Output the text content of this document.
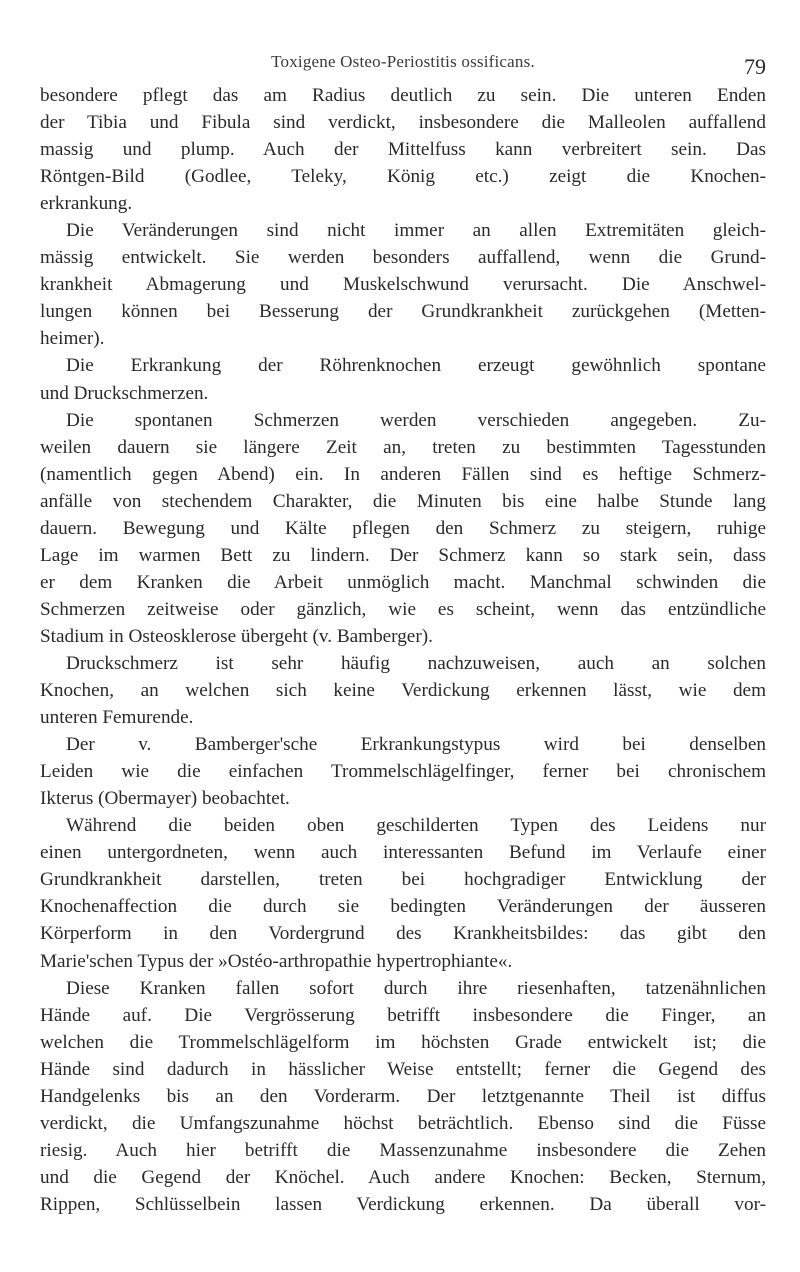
Toxigene Osteo-Periostitis ossificans.	79
besondere pflegt das am Radius deutlich zu sein. Die unteren Enden
der Tibia und Fibula sind verdickt, insbesondere die Malleolen auffallend
massig und plump. Auch der Mittelfuss kann verbreitert sein. Das
Röntgen-Bild (Godlee, Teleky, König etc.) zeigt die Knochen-
erkrankung.
Die Veränderungen sind nicht immer an allen Extremitäten gleich-
mässig entwickelt. Sie werden besonders auffallend, wenn die Grund-
krankheit Abmagerung und Muskelschwund verursacht. Die Anschwel-
lungen können bei Besserung der Grundkrankheit zurückgehen (Metten-
heimer).
Die Erkrankung der Röhrenknochen erzeugt gewöhnlich spontane
und Druckschmerzen.
Die spontanen Schmerzen werden verschieden angegeben. Zu-
weilen dauern sie längere Zeit an, treten zu bestimmten Tagesstunden
(namentlich gegen Abend) ein. In anderen Fällen sind es heftige Schmerz-
anfälle von stechendem Charakter, die Minuten bis eine halbe Stunde lang
dauern. Bewegung und Kälte pflegen den Schmerz zu steigern, ruhige
Lage im warmen Bett zu lindern. Der Schmerz kann so stark sein, dass
er dem Kranken die Arbeit unmöglich macht. Manchmal schwinden die
Schmerzen zeitweise oder gänzlich, wie es scheint, wenn das entzündliche
Stadium in Osteosklerose übergeht (v. Bamberger).
Druckschmerz ist sehr häufig nachzuweisen, auch an solchen
Knochen, an welchen sich keine Verdickung erkennen lässt, wie dem
unteren Femurende.
Der v. Bamberger'sche Erkrankungstypus wird bei denselben
Leiden wie die einfachen Trommelschlägelfinger, ferner bei chronischem
Ikterus (Obermayer) beobachtet.
Während die beiden oben geschilderten Typen des Leidens nur
einen untergordneten, wenn auch interessanten Befund im Verlaufe einer
Grundkrankheit darstellen, treten bei hochgradiger Entwicklung der
Knochenaffection die durch sie bedingten Veränderungen der äusseren
Körperform in den Vordergrund des Krankheitsbildes: das gibt den
Marie'schen Typus der »Ostéo-arthropathie hypertrophiante«.
Diese Kranken fallen sofort durch ihre riesenhaften, tatzenähnlichen
Hände auf. Die Vergrösserung betrifft insbesondere die Finger, an
welchen die Trommelschlägelform im höchsten Grade entwickelt ist; die
Hände sind dadurch in hässlicher Weise entstellt; ferner die Gegend des
Handgelenks bis an den Vorderarm. Der letztgenannte Theil ist diffus
verdickt, die Umfangszunahme höchst beträchtlich. Ebenso sind die Füsse
riesig. Auch hier betrifft die Massenzunahme insbesondere die Zehen
und die Gegend der Knöchel. Auch andere Knochen: Becken, Sternum,
Rippen, Schlüsselbein lassen Verdickung erkennen. Da überall vor-
